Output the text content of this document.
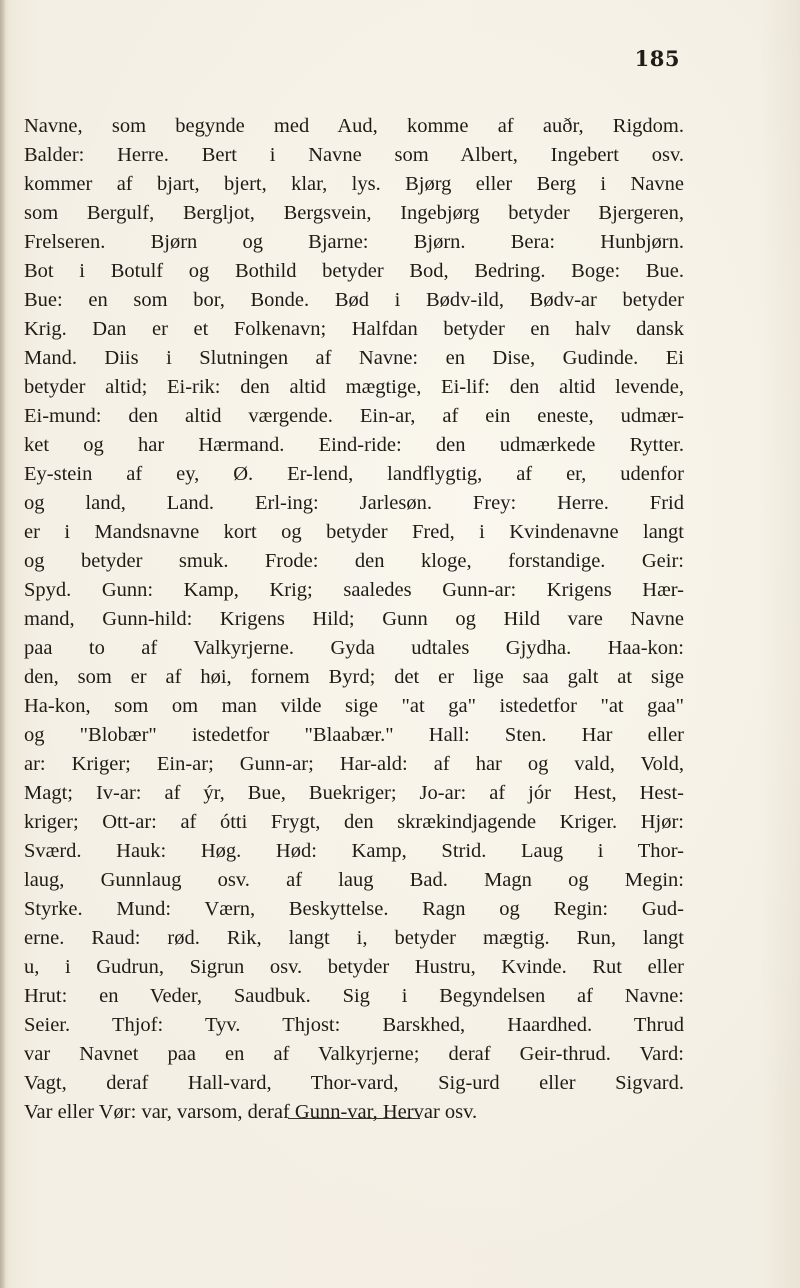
185
Navne, som begynde med Aud, komme af auðr, Rigdom.
Balder: Herre. Bert i Navne som Albert, Ingebert osv.
kommer af bjart, bjert, klar, lys. Bjørg eller Berg i Navne
som Bergulf, Bergljot, Bergsvein, Ingebjørg betyder Bjergeren,
Frelseren. Bjørn og Bjarne: Bjørn. Bera: Hunbjørn.
Bot i Botulf og Bothild betyder Bod, Bedring. Boge: Bue.
Bue: en som bor, Bonde. Bød i Bødv-ild, Bødv-ar betyder
Krig. Dan er et Folkenavn; Halfdan betyder en halv dansk
Mand. Diis i Slutningen af Navne: en Dise, Gudinde. Ei
betyder altid; Ei-rik: den altid mægtige, Ei-lif: den altid levende,
Ei-mund: den altid værgende. Ein-ar, af ein eneste, udmær-
ket og har Hærmand. Eind-ride: den udmærkede Rytter.
Ey-stein af ey, Ø. Er-lend, landflygtig, af er, udenfor
og land, Land. Erl-ing: Jarlesøn. Frey: Herre. Frid
er i Mandsnavne kort og betyder Fred, i Kvindenavne langt
og betyder smuk. Frode: den kloge, forstandige. Geir:
Spyd. Gunn: Kamp, Krig; saaledes Gunn-ar: Krigens Hær-
mand, Gunn-hild: Krigens Hild; Gunn og Hild vare Navne
paa to af Valkyrjerne. Gyda udtales Gjydha. Haa-kon:
den, som er af høi, fornem Byrd; det er lige saa galt at sige
Ha-kon, som om man vilde sige "at ga" istedetfor "at gaa"
og "Blobær" istedetfor "Blaabær." Hall: Sten. Har eller
ar: Kriger; Ein-ar; Gunn-ar; Har-ald: af har og vald, Vold,
Magt; Iv-ar: af ýr, Bue, Buekriger; Jo-ar: af jór Hest, Hest-
kriger; Ott-ar: af ótti Frygt, den skrækindjagende Kriger. Hjør:
Sværd. Hauk: Høg. Hød: Kamp, Strid. Laug i Thor-
laug, Gunnlaug osv. af laug Bad. Magn og Megin:
Styrke. Mund: Værn, Beskyttelse. Ragn og Regin: Gud-
erne. Raud: rød. Rik, langt i, betyder mægtig. Run, langt
u, i Gudrun, Sigrun osv. betyder Hustru, Kvinde. Rut eller
Hrut: en Veder, Saudbuk. Sig i Begyndelsen af Navne:
Seier. Thjof: Tyv. Thjost: Barskhed, Haardhed. Thrud
var Navnet paa en af Valkyrjerne; deraf Geir-thrud. Vard:
Vagt, deraf Hall-vard, Thor-vard, Sig-urd eller Sigvard.
Var eller Vør: var, varsom, deraf Gunn-var, Hervar osv.
